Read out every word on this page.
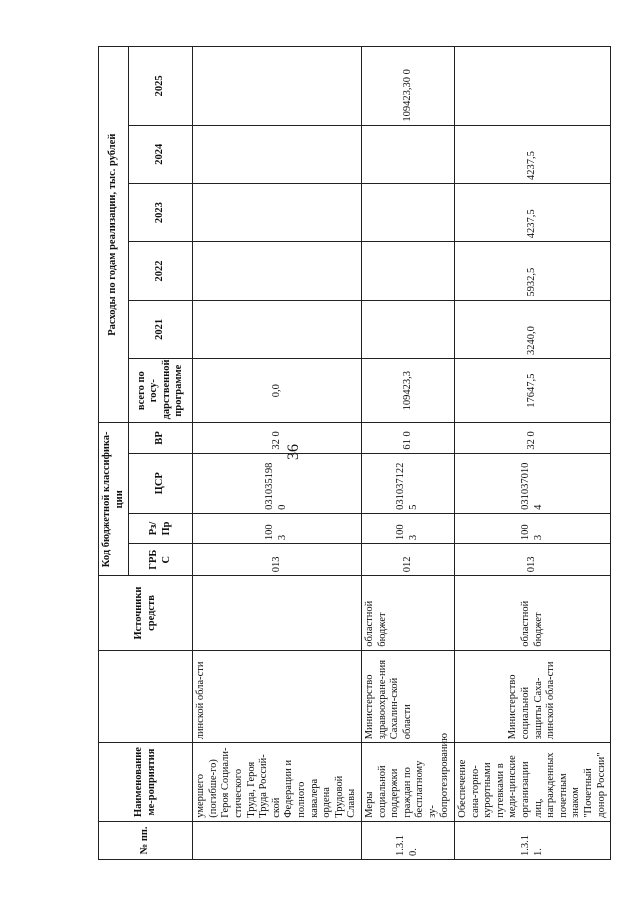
36
№ пп.	Наименование ме-роприятия		Источники средств	Код бюджетной классифика-ции				Расходы по годам реализации, тыс. рублей					
				ГРБ С	Рз/ Пр	ЦСР	ВР	всего по госу-дарственной программе	2021	2022	2023	2024	2025

	умершего (погибше-го) Героя Социали-стического Труда, Героя Труда Россий-ской Федерации и полного кавалера ордена Трудовой Славы	линской обла-сти		013	100 3	031035198 0	32 0	0,0					
1.3.1 0.	Меры социальной поддержки граждан по бесплатному зу-бопротезированию	Министерство здравоохране-ния Сахалин-ской области	областной бюджет	012	100 3	031037122 5	61 0	109423,3					109423,30 0
1.3.1 1.	Обеспечение сана-торно-курортными путевками в меди-цинские организации лиц, награжденных почетным знаком "Почетный донор России"	Министерство социальной защиты Саха-линской обла-сти	областной бюджет	013	100 3	031037010 4	32 0	17647,5	3240,0	5932,5	4237,5	4237,5	
